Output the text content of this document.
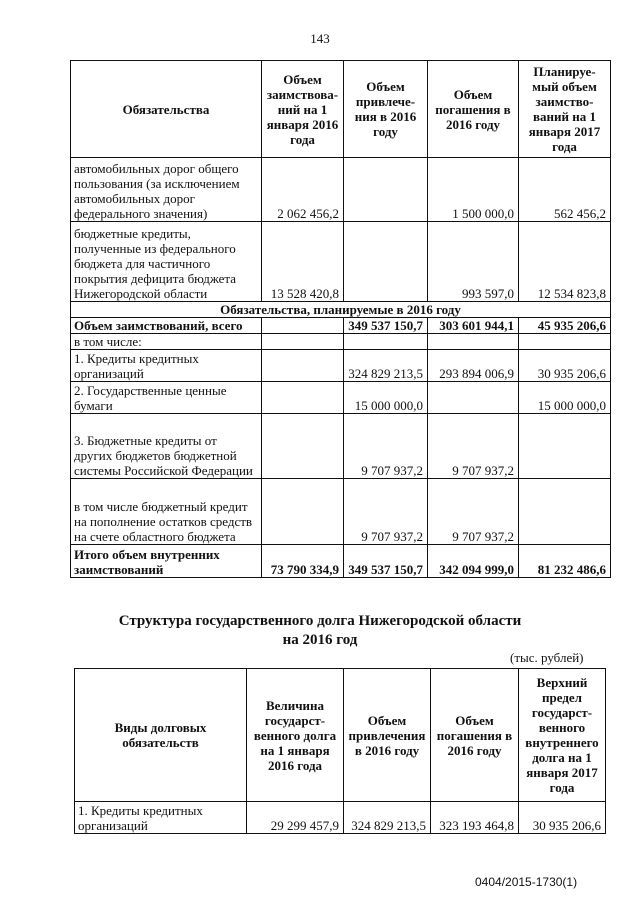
143
Обязательства	Объем заимствова-ний на 1 января 2016 года	Объем привлече-ния в 2016 году	Объем погашения в 2016 году	Планируе-мый объем заимство-ваний на 1 января 2017 года
автомобильных дорог общего пользования (за исключением автомобильных дорог федерального значения)	2 062 456,2		1 500 000,0	562 456,2
бюджетные кредиты, полученные из федерального бюджета для частичного покрытия дефицита бюджета Нижегородской области	13 528 420,8		993 597,0	12 534 823,8
Обязательства, планируемые в 2016 году				
Объем заимствований, всего		349 537 150,7	303 601 944,1	45 935 206,6
в том числе:				
1. Кредиты кредитных организаций		324 829 213,5	293 894 006,9	30 935 206,6
2. Государственные ценные бумаги		15 000 000,0		15 000 000,0
3. Бюджетные кредиты от других бюджетов бюджетной системы Российской Федерации		9 707 937,2	9 707 937,2	
в том числе бюджетный кредит на пополнение остатков средств на счете областного бюджета		9 707 937,2	9 707 937,2	
Итого объем внутренних заимствований	73 790 334,9	349 537 150,7	342 094 999,0	81 232 486,6
Структура государственного долга Нижегородской области
на 2016 год
(тыс. рублей)
Виды долговых обязательств	Величина государст-венного долга на 1 января 2016 года	Объем привлечения в 2016 году	Объем погашения в 2016 году	Верхний предел государст-венного внутреннего долга на 1 января 2017 года
1. Кредиты кредитных организаций	29 299 457,9	324 829 213,5	323 193 464,8	30 935 206,6
0404/2015-1730(1)
